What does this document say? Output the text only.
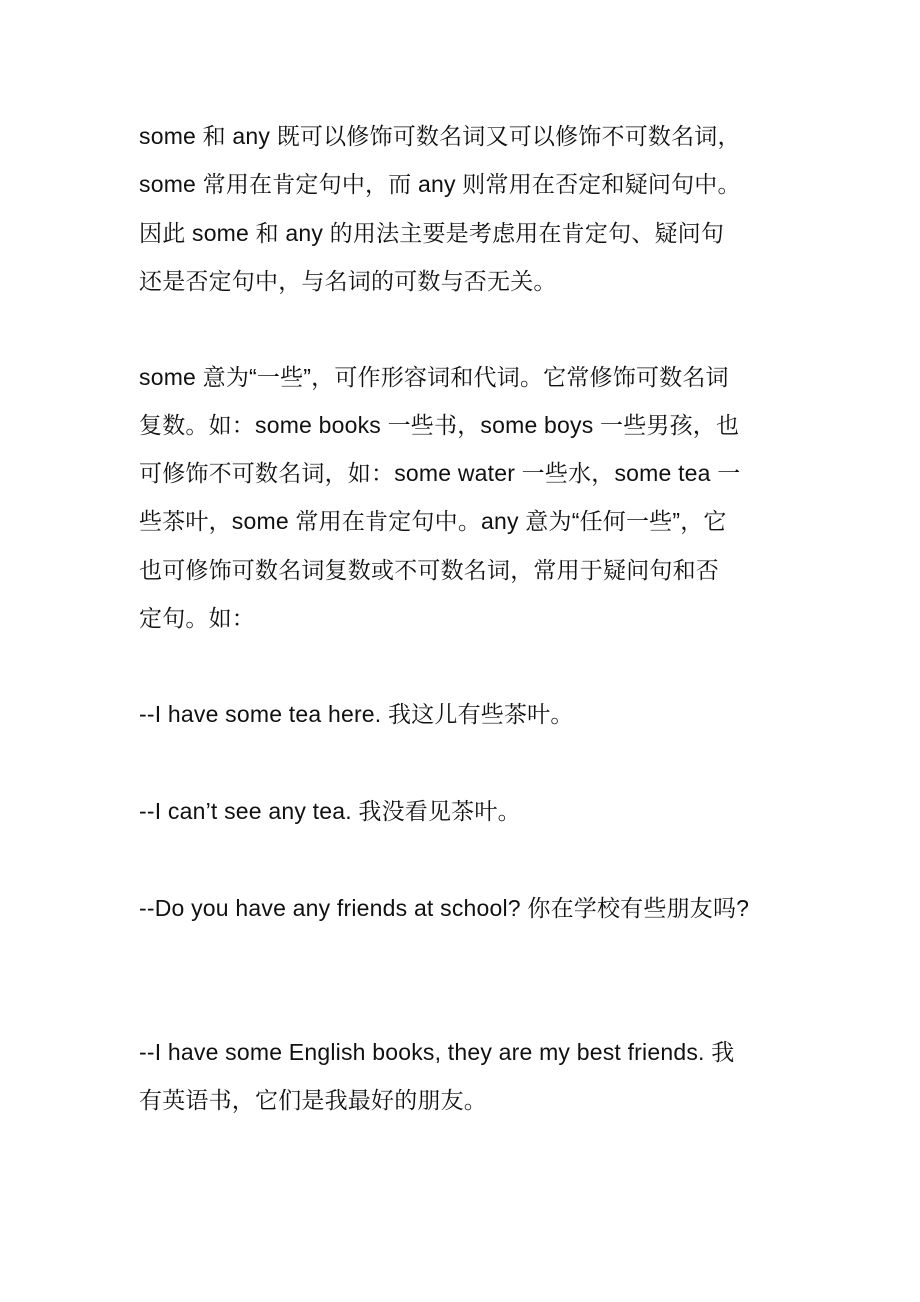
some 和 any 既可以修饰可数名词又可以修饰不可数名词，
some 常用在肯定句中，而 any 则常用在否定和疑问句中。
因此 some 和 any 的用法主要是考虑用在肯定句、疑问句
还是否定句中，与名词的可数与否无关。
some 意为“一些”，可作形容词和代词。它常修饰可数名词
复数。如：some books 一些书，some boys 一些男孩，也
可修饰不可数名词，如：some water 一些水，some tea 一
些茶叶，some 常用在肯定句中。any 意为“任何一些”，它
也可修饰可数名词复数或不可数名词，常用于疑问句和否
定句。如：
--I have some tea here. 我这儿有些茶叶。
--I can’t see any tea. 我没看见茶叶。
--Do you have any friends at school? 你在学校有些朋友吗?
--I have some English books, they are my best friends. 我
有英语书，它们是我最好的朋友。
